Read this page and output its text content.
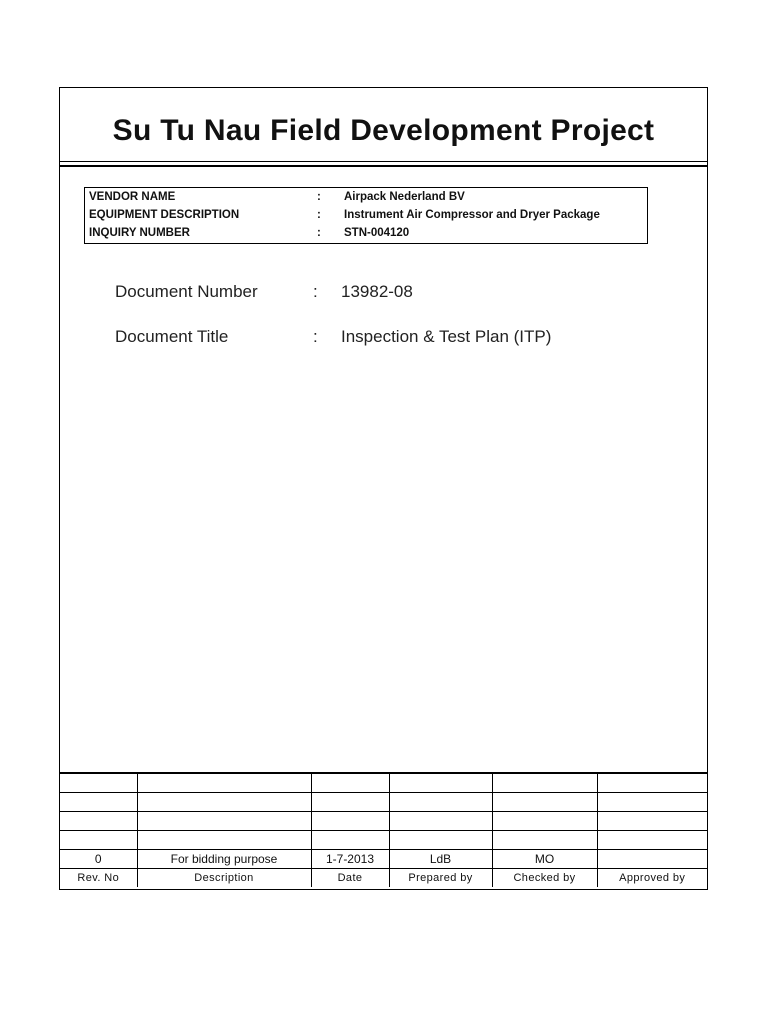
Su Tu Nau Field Development Project
VENDOR NAME	: Airpack Nederland BV
EQUIPMENT DESCRIPTION	: Instrument Air Compressor and Dryer Package
INQUIRY NUMBER	: STN-004120
Document Number	: 13982-08
Document Title	: Inspection & Test Plan (ITP)

0	For bidding purpose	1-7-2013	LdB	MO	
Rev. No	Description	Date	Prepared by	Checked by	Approved by
